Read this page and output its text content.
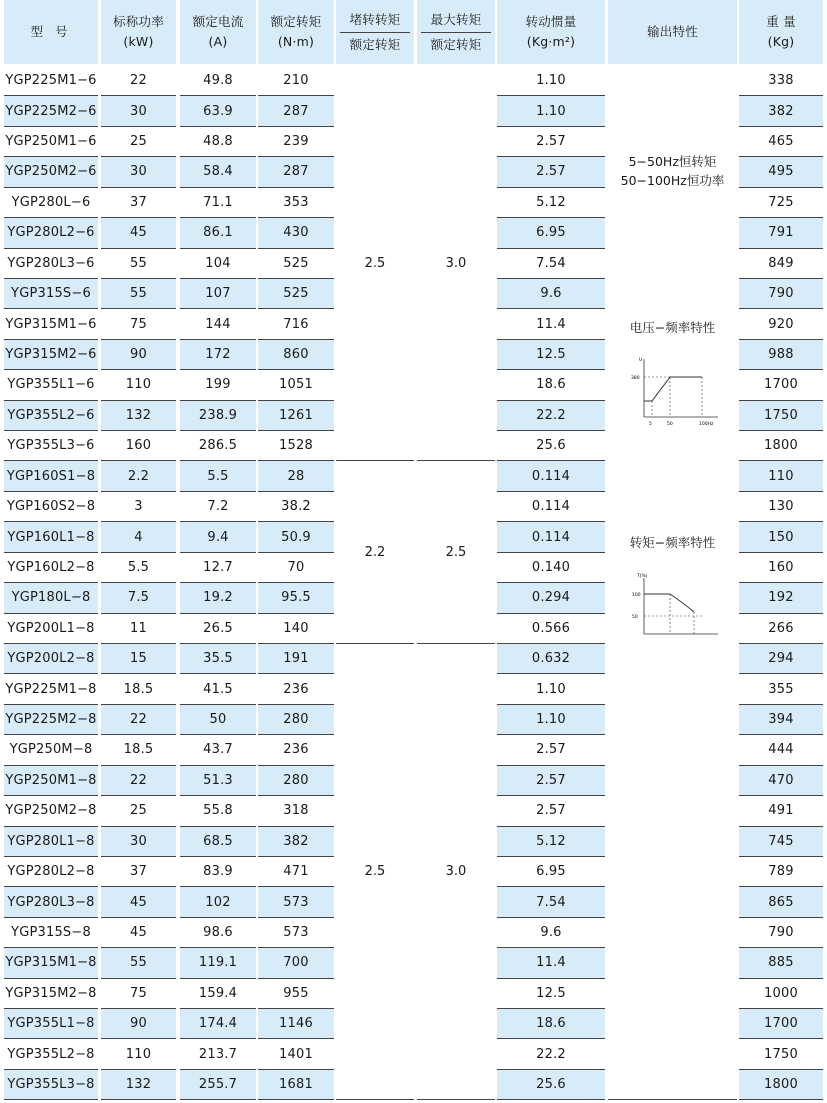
型 号
YGP225M1−6
YGP225M2−6
YGP250M1−6
YGP250M2−6
YGP280L−6
YGP280L2−6
YGP280L3−6
YGP315S−6
YGP315M1−6
YGP315M2−6
YGP355L1−6
YGP355L2−6
YGP355L3−6
YGP160S1−8
YGP160S2−8
YGP160L1−8
YGP160L2−8
YGP180L−8
YGP200L1−8
YGP200L2−8
YGP225M1−8
YGP225M2−8
YGP250M−8
YGP250M1−8
YGP250M2−8
YGP280L1−8
YGP280L2−8
YGP280L3−8
YGP315S−8
YGP315M1−8
YGP315M2−8
YGP355L1−8
YGP355L2−8
YGP355L3−8
标称功率
(kW)
22
30
25
30
37
45
55
55
75
90
110
132
160
2.2
3
4
5.5
7.5
11
15
18.5
22
18.5
22
25
30
37
45
45
55
75
90
110
132
额定电流
(A)
49.8
63.9
48.8
58.4
71.1
86.1
104
107
144
172
199
238.9
286.5
5.5
7.2
9.4
12.7
19.2
26.5
35.5
41.5
50
43.7
51.3
55.8
68.5
83.9
102
98.6
119.1
159.4
174.4
213.7
255.7
额定转矩
(N·m)
210
287
239
287
353
430
525
525
716
860
1051
1261
1528
28
38.2
50.9
70
95.5
140
191
236
280
236
280
318
382
471
573
573
700
955
1146
1401
1681
堵转转矩
额定转矩
2.5
2.2
2.5
最大转矩
额定转矩
3.0
2.5
3.0
转动惯量
(Kg·m²)
1.10
1.10
2.57
2.57
5.12
6.95
7.54
9.6
11.4
12.5
18.6
22.2
25.6
0.114
0.114
0.114
0.140
0.294
0.566
0.632
1.10
1.10
2.57
2.57
2.57
5.12
6.95
7.54
9.6
11.4
12.5
18.6
22.2
25.6
输出特性
5−50Hz恒转矩
50−100Hz恒功率
电压−频率特性
转矩−频率特性
U
380
5	50	100Hz
T(%)
100
50
重 量
(Kg)
338
382
465
495
725
791
849
790
920
988
1700
1750
1800
110
130
150
160
192
266
294
355
394
444
470
491
745
789
865
790
885
1000
1700
1750
1800
